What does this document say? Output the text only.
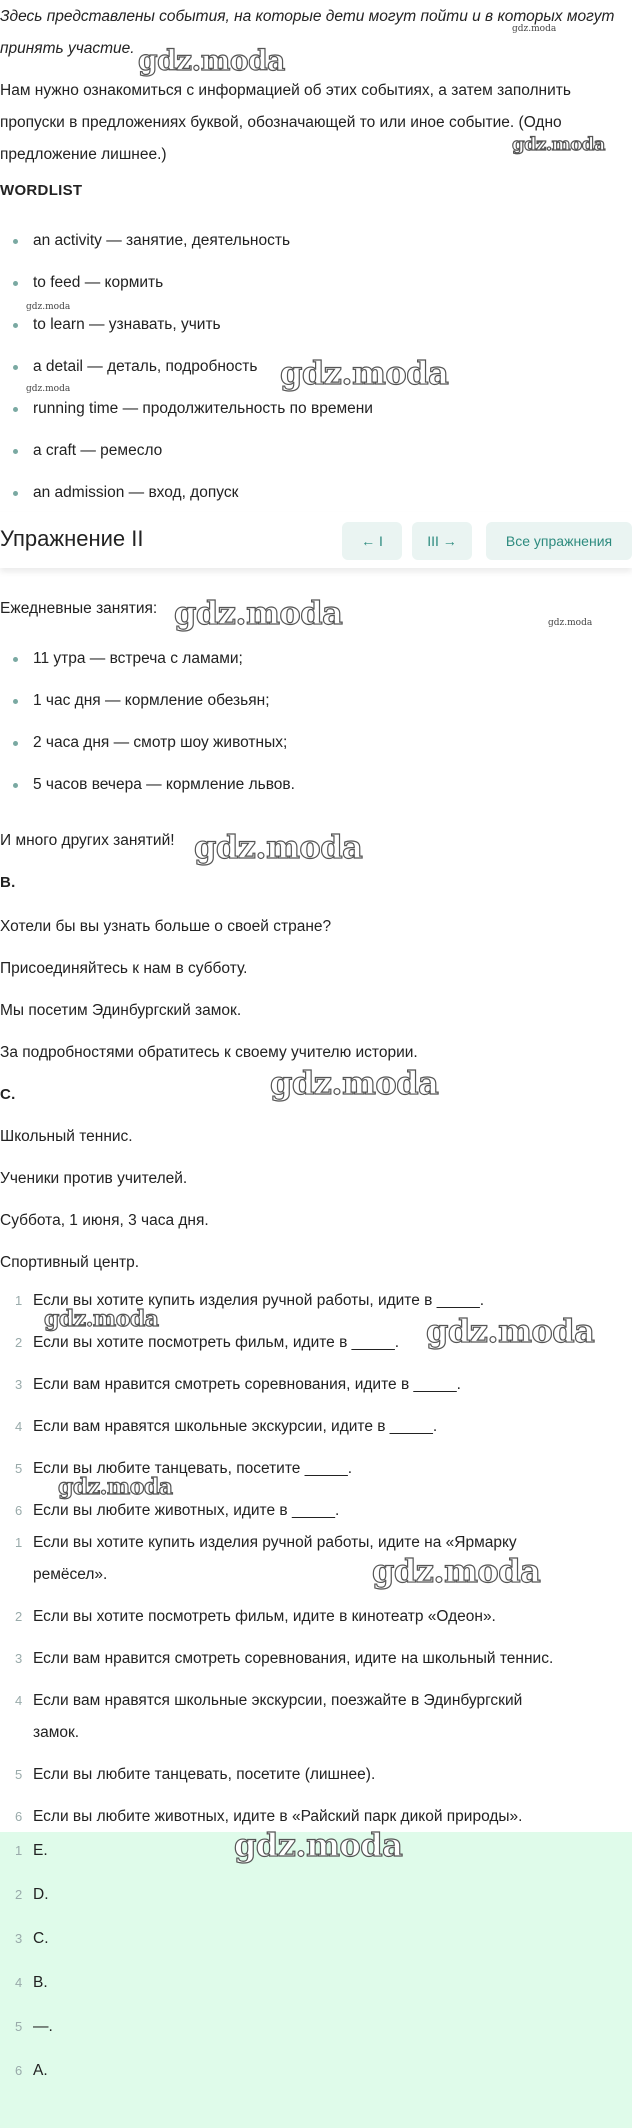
Здесь представлены события, на которые дети могут пойти и в которых могут

принять участие.

Нам нужно ознакомиться с информацией об этих событиях, а затем заполнить

пропуски в предложениях буквой, обозначающей то или иное событие. (Одно

предложение лишнее.)

WORDLIST
an activity — занятие, деятельность
to feed — кормить
to learn — узнавать, учить
a detail — деталь, подробность
running time — продолжительность по времени
a craft — ремесло
an admission — вход, допуск
Упражнение II	← I	III →	Все упражнения

Ежедневные занятия:

11 утра — встреча с ламами;
1 час дня — кормление обезьян;
2 часа дня — смотр шоу животных;
5 часов вечера — кормление львов.

И много других занятий!

B.

Хотели бы вы узнать больше о своей стране?

Присоединяйтесь к нам в субботу.

Мы посетим Эдинбургский замок.

За подробностями обратитесь к своему учителю истории.

C.

Школьный теннис.

Ученики против учителей.

Суббота, 1 июня, 3 часа дня.

Спортивный центр.

1 Если вы хотите купить изделия ручной работы, идите в _____.
2 Если вы хотите посмотреть фильм, идите в _____.
3 Если вам нравится смотреть соревнования, идите в _____.
4 Если вам нравятся школьные экскурсии, идите в _____.
5 Если вы любите танцевать, посетите _____.
6 Если вы любите животных, идите в _____.
1 Если вы хотите купить изделия ручной работы, идите на «Ярмарку
ремёсел».
2 Если вы хотите посмотреть фильм, идите в кинотеатр «Одеон».
3 Если вам нравится смотреть соревнования, идите на школьный теннис.
4 Если вам нравятся школьные экскурсии, поезжайте в Эдинбургский
замок.
5 Если вы любите танцевать, посетите (лишнее).
6 Если вы любите животных, идите в «Райский парк дикой природы».
1 E.
2 D.
3 C.
4 B.
5 —.
6 A.
gdz.moda
gdz.moda
gdz.moda
gdz.moda
gdz.moda	gdz.moda
gdz.moda	gdz.moda
gdz.moda
gdz.moda
gdz.moda	gdz.moda
gdz.moda
gdz.moda
gdz.moda
